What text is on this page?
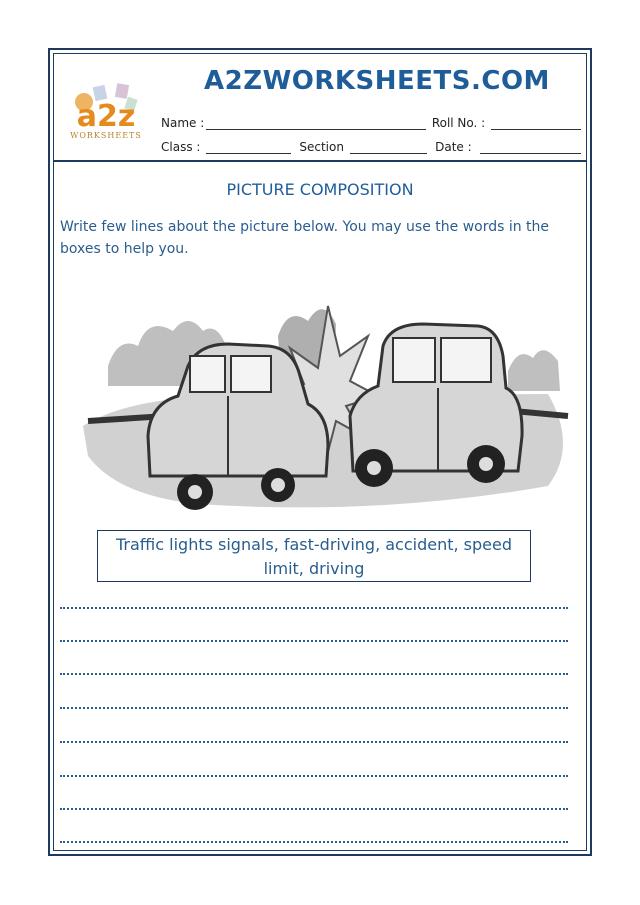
a2z
WORKSHEETS
A2ZWORKSHEETS.COM
Name :	Roll No. :
Class :	Section	Date :
PICTURE COMPOSITION
Write few lines about the picture below. You may use the words in the boxes to help you.
Traffic lights signals, fast-driving, accident, speed limit, driving
